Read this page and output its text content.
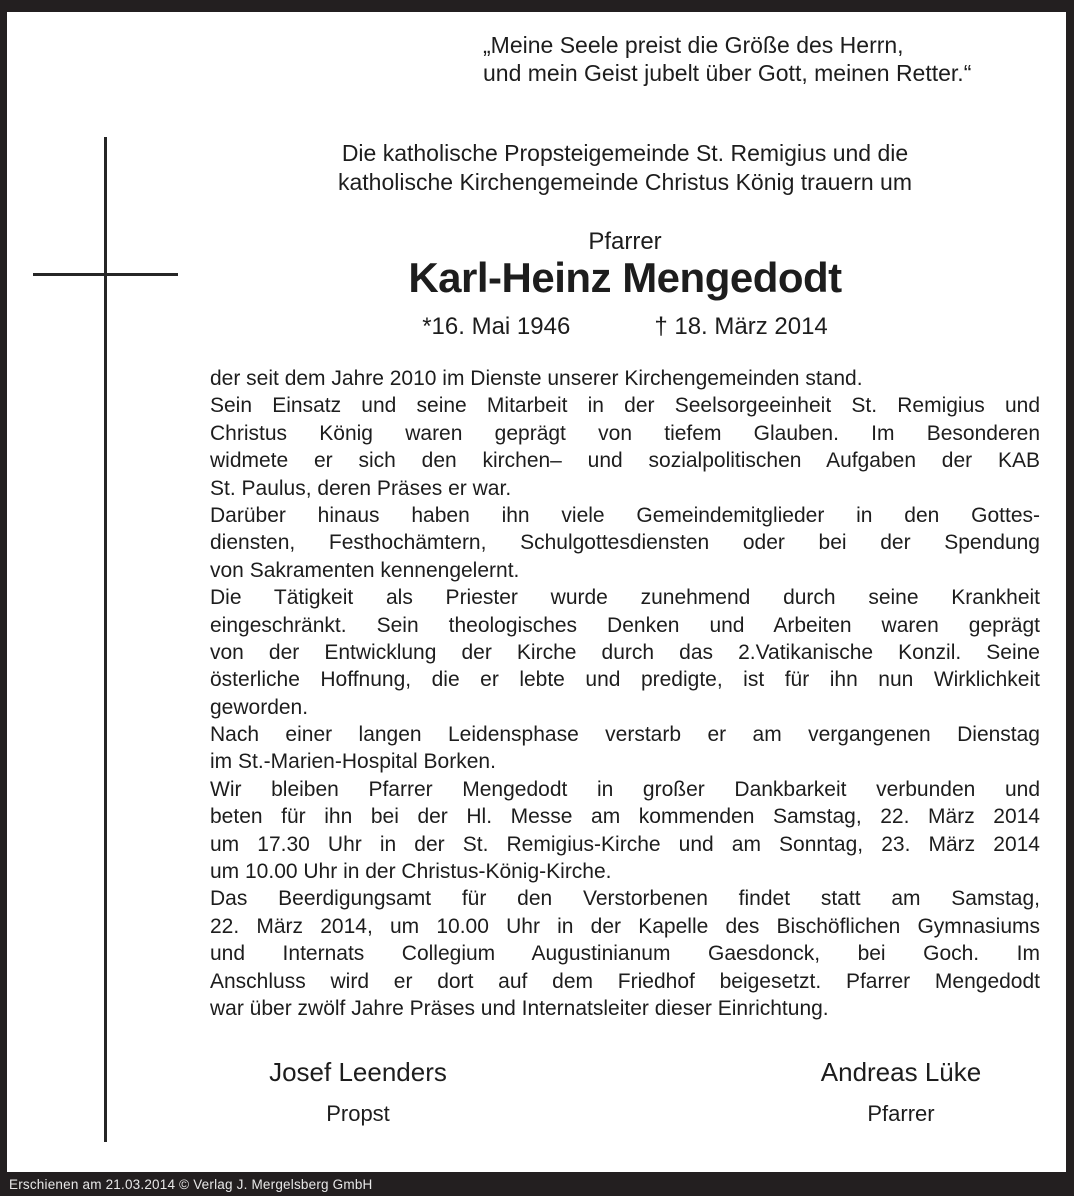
„Meine Seele preist die Größe des Herrn,
und mein Geist jubelt über Gott, meinen Retter.“
Die katholische Propsteigemeinde St. Remigius und die
katholische Kirchengemeinde Christus König trauern um
Pfarrer
Karl-Heinz Mengedodt
*16. Mai 1946	† 18. März 2014
der seit dem Jahre 2010 im Dienste unserer Kirchengemeinden stand.
Sein Einsatz und seine Mitarbeit in der Seelsorgeeinheit St. Remigius und
Christus König waren geprägt von tiefem Glauben. Im Besonderen
widmete er sich den kirchen– und sozialpolitischen Aufgaben der KAB
St. Paulus, deren Präses er war.
Darüber hinaus haben ihn viele Gemeindemitglieder in den Gottes-
diensten, Festhochämtern, Schulgottesdiensten oder bei der Spendung
von Sakramenten kennengelernt.
Die Tätigkeit als Priester wurde zunehmend durch seine Krankheit
eingeschränkt. Sein theologisches Denken und Arbeiten waren geprägt
von der Entwicklung der Kirche durch das 2.Vatikanische Konzil. Seine
österliche Hoffnung, die er lebte und predigte, ist für ihn nun Wirklichkeit
geworden.
Nach einer langen Leidensphase verstarb er am vergangenen Dienstag
im St.-Marien-Hospital Borken.
Wir bleiben Pfarrer Mengedodt in großer Dankbarkeit verbunden und
beten für ihn bei der Hl. Messe am kommenden Samstag, 22. März 2014
um 17.30 Uhr in der St. Remigius-Kirche und am Sonntag, 23. März 2014
um 10.00 Uhr in der Christus-König-Kirche.
Das Beerdigungsamt für den Verstorbenen findet statt am Samstag,
22. März 2014, um 10.00 Uhr in der Kapelle des Bischöflichen Gymnasiums
und Internats Collegium Augustinianum Gaesdonck, bei Goch. Im
Anschluss wird er dort auf dem Friedhof beigesetzt. Pfarrer Mengedodt
war über zwölf Jahre Präses und Internatsleiter dieser Einrichtung.
Josef Leenders
Propst
Andreas Lüke
Pfarrer
Erschienen am 21.03.2014 © Verlag J. Mergelsberg GmbH
